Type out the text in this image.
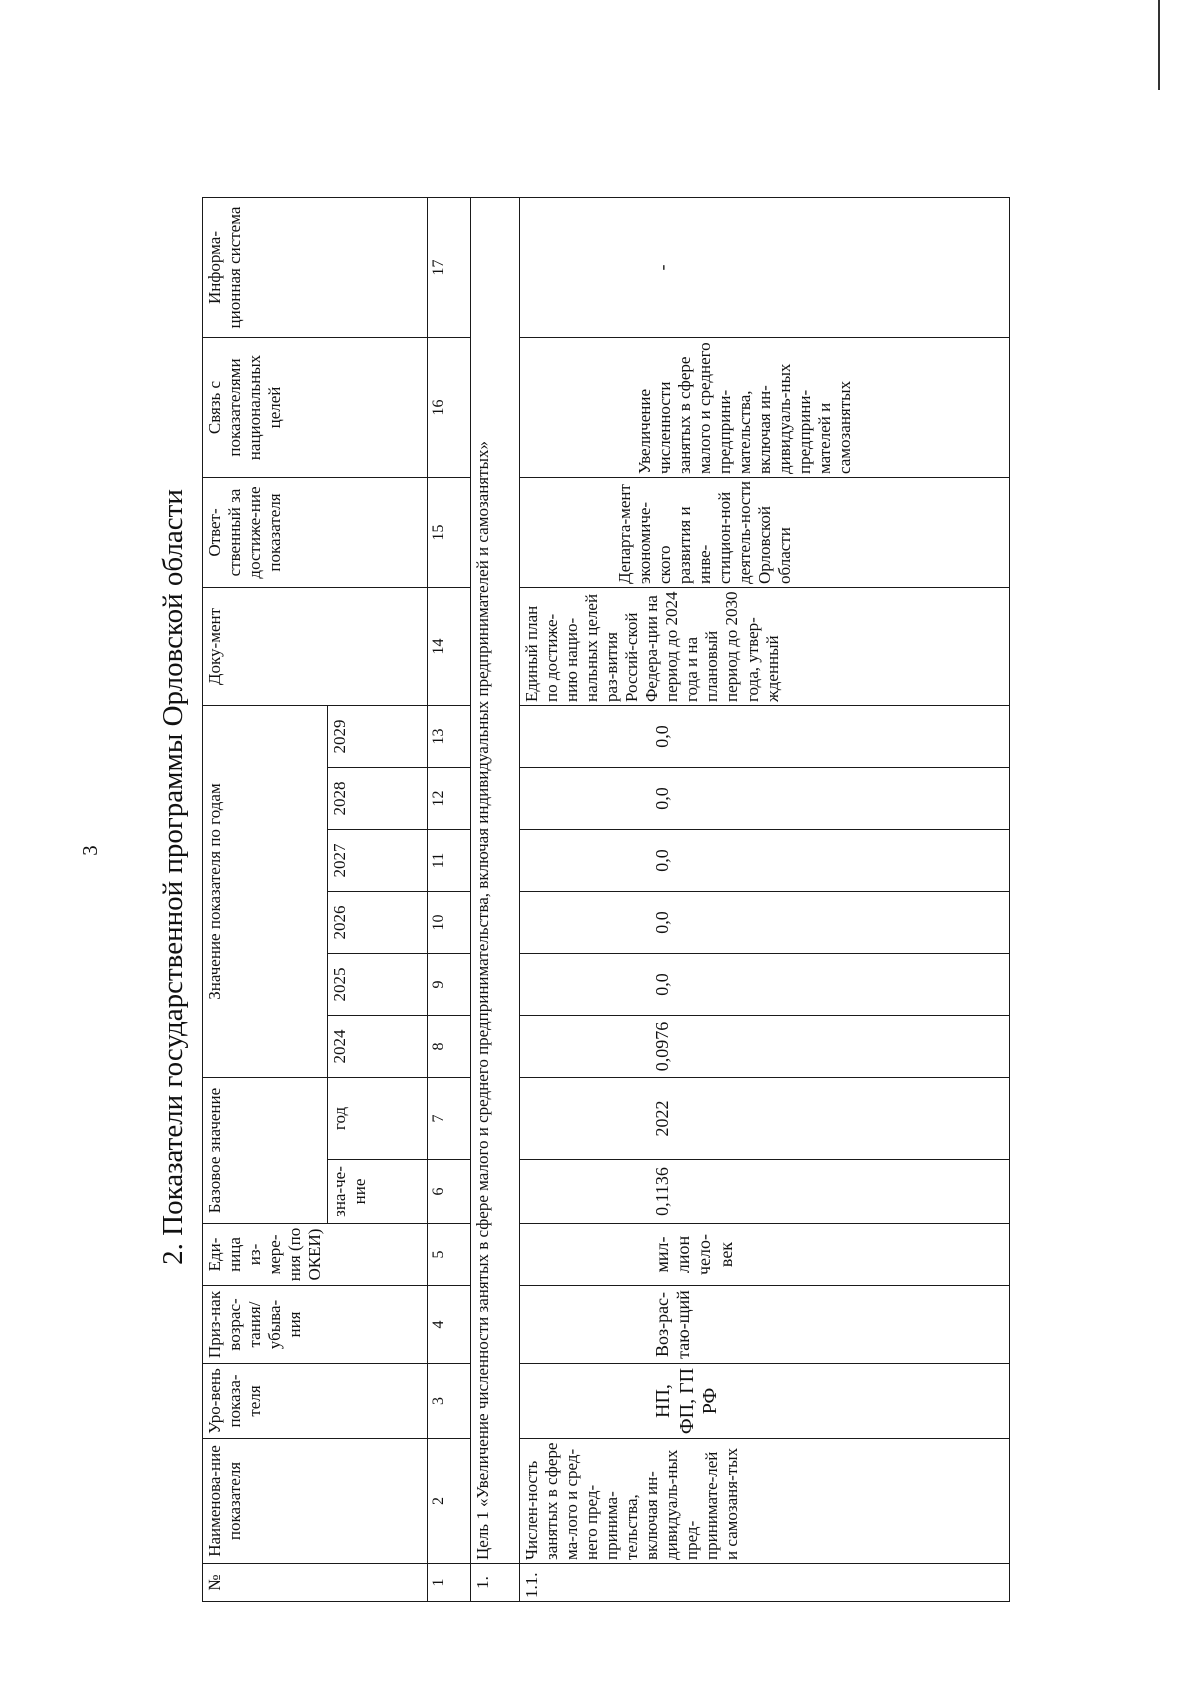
3	2. Показатели государственной программы Орловской области
№	Наименова-ние показателя	Уро-вень показа-теля	Приз-нак возрас-тания/ убыва-ния	Еди-ница из-мере-ния (по ОКЕИ)	Базовое значение		Значение показателя по годам						Доку-мент	Ответ-ственный за достиже-ние показателя	Связь с показателями национальных целей	Информа-ционная система
					зна-че-ние	год	2024	2025	2026	2027	2028	2029				
1	2	3	4	5	6	7	8	9	10	11	12	13	14	15	16	17
1.	Цель 1 «Увеличение численности занятых в сфере малого и среднего предпринимательства, включая индивидуальных предпринимателей и самозанятых»															
1.1.	Числен-ность занятых в сфере ма-лого и сред-него пред-принима-тельства, включая ин-дивидуаль-ных пред-принимате-лей и самозаня-тых	НП, ФП, ГП РФ	Воз-рас-таю-щий	мил-лион чело-век	0,1136	2022	0,0976	0,0	0,0	0,0	0,0	0,0	Единый план по достиже-нию нацио-нальных целей раз-вития Россий-ской Федера-ции на период до 2024 года и на плановый период до 2030 года, утвер-жденный	Департа-мент экономиче-ского развития и инве-стицион-ной деятель-ности Орловской области	Увеличение численности занятых в сфере малого и среднего предприни-мательства, включая ин-дивидуаль-ных предприни-мателей и самозанятых	-
